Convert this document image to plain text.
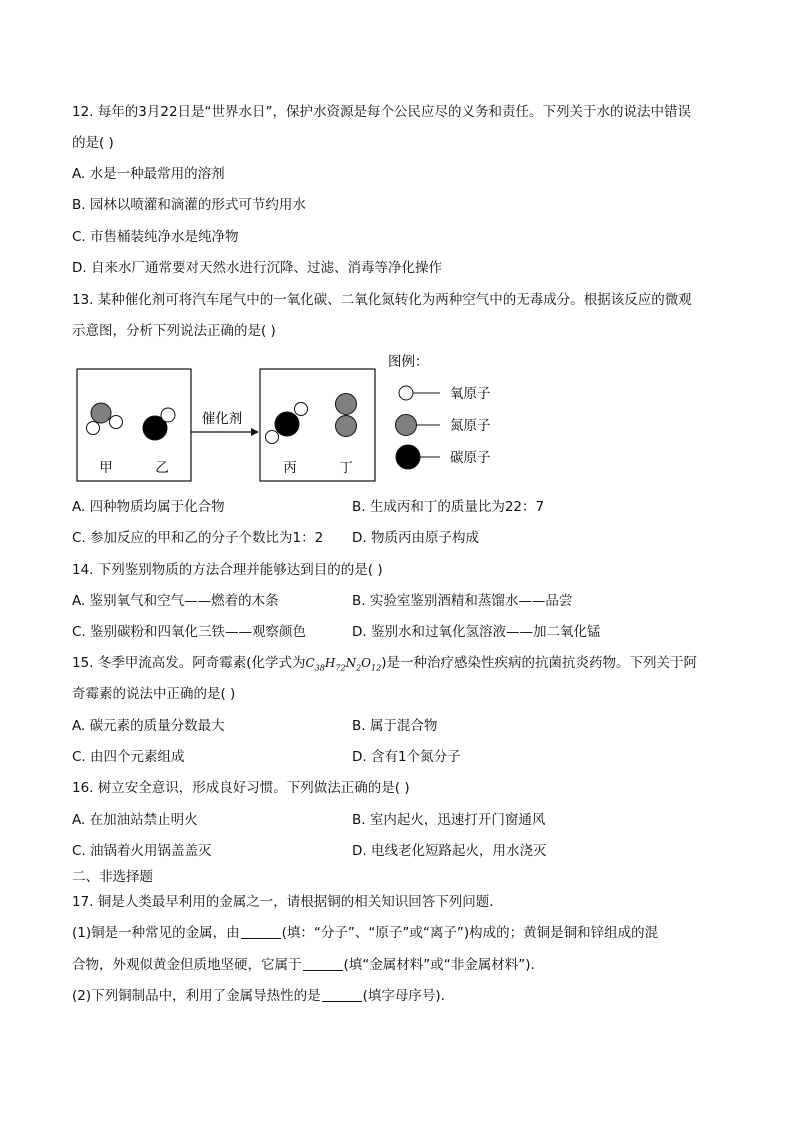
12. 每年的3月22日是“世界水日”，保护水资源是每个公民应尽的义务和责任。下列关于水的说法中错误
的是( )
A. 水是一种最常用的溶剂
B. 园林以喷灌和滴灌的形式可节约用水
C. 市售桶装纯净水是纯净物
D. 自来水厂通常要对天然水进行沉降、过滤、消毒等净化操作
13. 某种催化剂可将汽车尾气中的一氧化碳、二氧化氮转化为两种空气中的无毒成分。根据该反应的微观
示意图，分析下列说法正确的是( )
甲	乙
催化剂
丙	丁
图例：
氧原子
氮原子
碳原子
A. 四种物质均属于化合物	B. 生成丙和丁的质量比为22：7
C. 参加反应的甲和乙的分子个数比为1：2 D. 物质丙由原子构成
14. 下列鉴别物质的方法合理并能够达到目的的是( )
A. 鉴别氧气和空气——燃着的木条	B. 实验室鉴别酒精和蒸馏水——品尝
C. 鉴别碳粉和四氧化三铁——观察颜色	D. 鉴别水和过氧化氢溶液——加二氧化锰
15. 冬季甲流高发。阿奇霉素(化学式为$C_{38}H_{72}N_2O_{12}$)是一种治疗感染性疾病的抗菌抗炎药物。下列关于阿
奇霉素的说法中正确的是( )
A. 碳元素的质量分数最大	B. 属于混合物
C. 由四个元素组成	D. 含有1个氮分子
16. 树立安全意识，形成良好习惯。下列做法正确的是( )
A. 在加油站禁止明火	B. 室内起火，迅速打开门窗通风
C. 油锅着火用锅盖盖灭	D. 电线老化短路起火，用水浇灭
二、非选择题
17. 铜是人类最早利用的金属之一，请根据铜的相关知识回答下列问题．
(1)铜是一种常见的金属，由	(填：“分子”、“原子”或“离子”)构成的；黄铜是铜和锌组成的混
合物，外观似黄金但质地坚硬，它属于	(填“金属材料”或“非金属材料”)．
(2)下列铜制品中，利用了金属导热性的是	(填字母序号)．
